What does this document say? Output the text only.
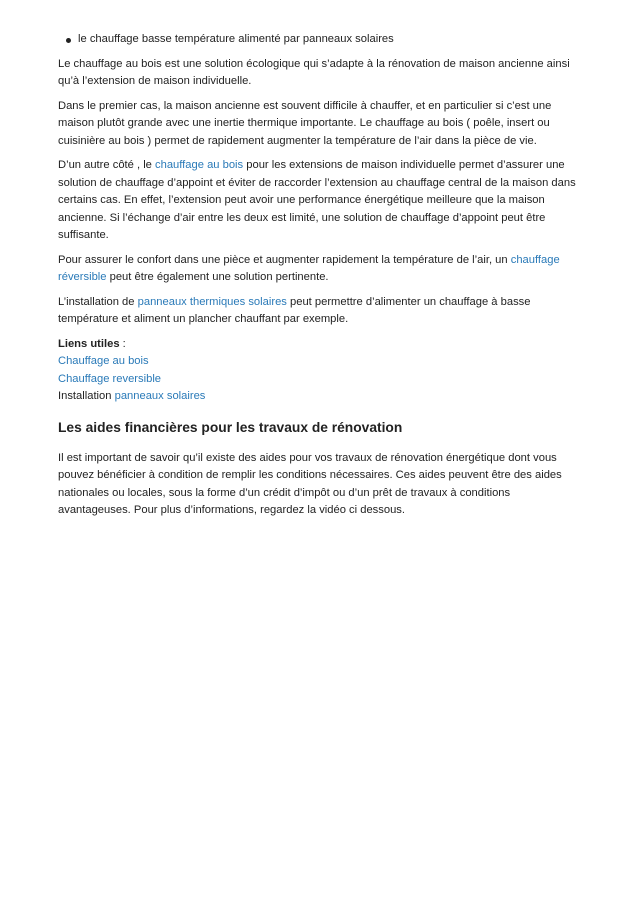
le chauffage basse température alimenté par panneaux solaires

Le chauffage au bois est une solution écologique qui s’adapte à la rénovation de maison ancienne ainsi qu’à l’extension de maison individuelle.

Dans le premier cas, la maison ancienne est souvent difficile à chauffer, et en particulier si c’est une maison plutôt grande avec une inertie thermique importante. Le chauffage au bois ( poêle, insert ou cuisinière au bois ) permet de rapidement augmenter la température de l’air dans la pièce de vie.

D’un autre côté , le chauffage au bois pour les extensions de maison individuelle permet d’assurer une solution de chauffage d’appoint et éviter de raccorder l’extension au chauffage central de la maison dans certains cas. En effet, l’extension peut avoir une performance énergétique meilleure que la maison ancienne. Si l’échange d’air entre les deux est limité, une solution de chauffage d’appoint peut être suffisante.

Pour assurer le confort dans une pièce et augmenter rapidement la température de l’air, un chauffage réversible peut être également une solution pertinente.

L’installation de panneaux thermiques solaires peut permettre d’alimenter un chauffage à basse température et aliment un plancher chauffant par exemple.

Liens utiles :
Chauffage au bois
Chauffage reversible
Installation panneaux solaires
Les aides financières pour les travaux de rénovation

Il est important de savoir qu’il existe des aides pour vos travaux de rénovation énergétique dont vous pouvez bénéficier à condition de remplir les conditions nécessaires. Ces aides peuvent être des aides nationales ou locales, sous la forme d’un crédit d’impôt ou d’un prêt de travaux à conditions avantageuses. Pour plus d’informations, regardez la vidéo ci dessous.
